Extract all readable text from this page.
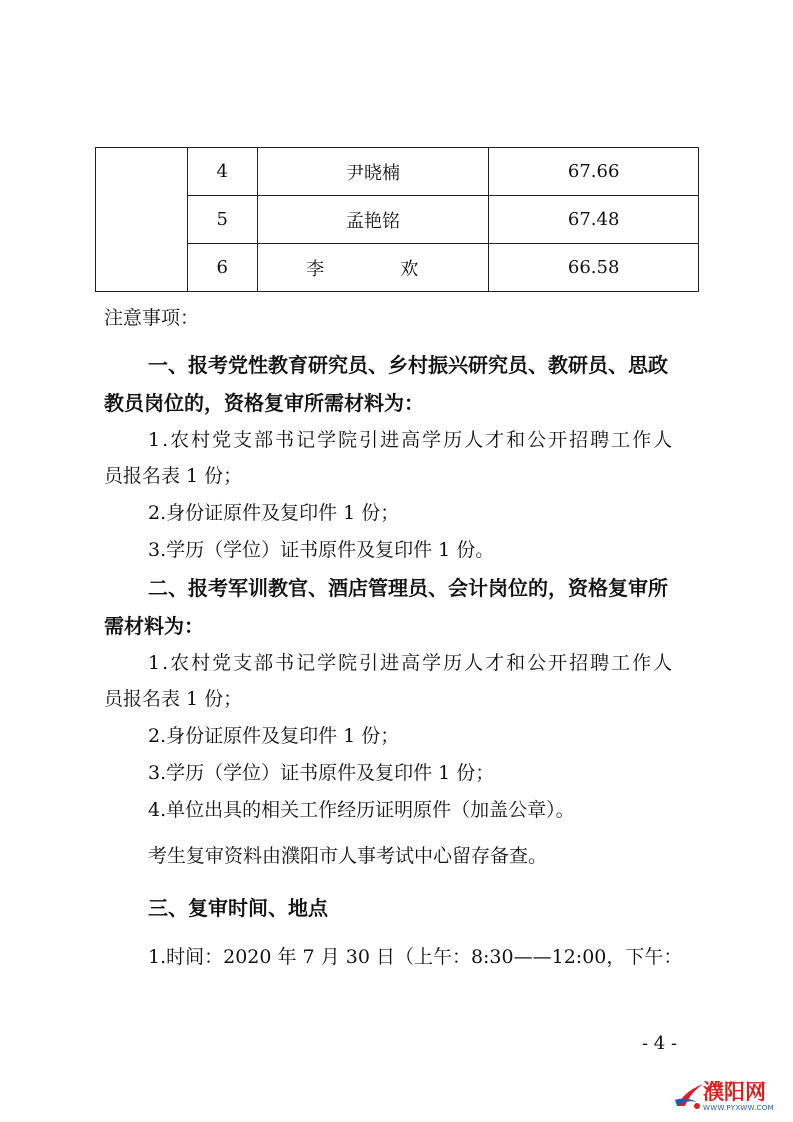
	4	尹晓楠	67.66
	5	孟艳铭	67.48
	6	李  欢	66.58
注意事项：
一、报考党性教育研究员、乡村振兴研究员、教研员、思政
教员岗位的，资格复审所需材料为：
1.农村党支部书记学院引进高学历人才和公开招聘工作人
员报名表 1 份；
2.身份证原件及复印件 1 份；
3.学历（学位）证书原件及复印件 1 份。
二、报考军训教官、酒店管理员、会计岗位的，资格复审所
需材料为：
1.农村党支部书记学院引进高学历人才和公开招聘工作人
员报名表 1 份；
2.身份证原件及复印件 1 份；
3.学历（学位）证书原件及复印件 1 份；
4.单位出具的相关工作经历证明原件（加盖公章）。
考生复审资料由濮阳市人事考试中心留存备查。
三、复审时间、地点
1.时间：2020 年 7 月 30 日（上午：8:30——12:00，下午：
- 4 -
濮阳网
WWW.PYXWW.COM
